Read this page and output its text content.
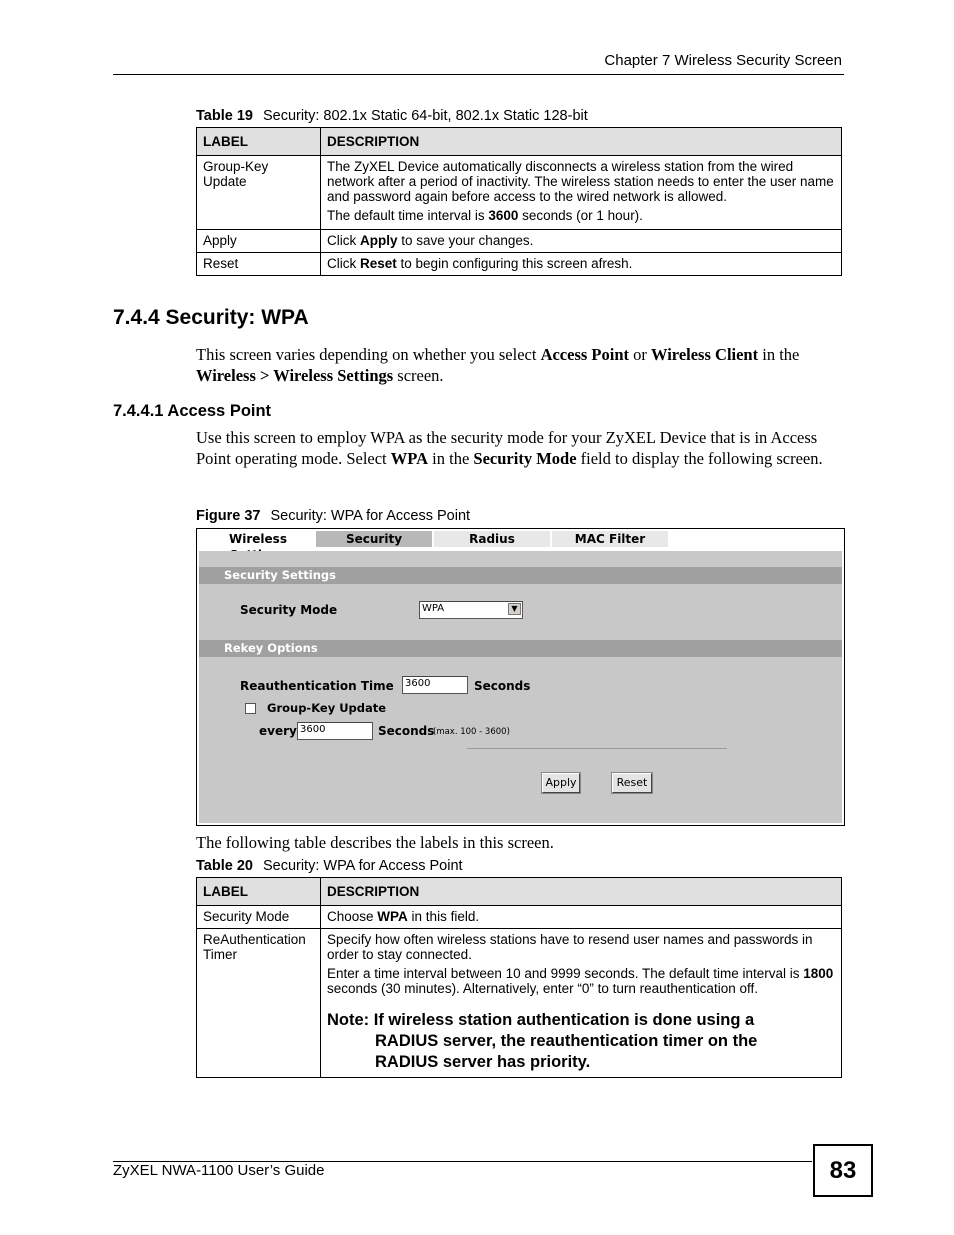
Chapter 7 Wireless Security Screen
Table 19 Security: 802.1x Static 64-bit, 802.1x Static 128-bit
LABEL	DESCRIPTION
Group-Key Update	The ZyXEL Device automatically disconnects a wireless station from the wired network after a period of inactivity. The wireless station needs to enter the user name and password again before access to the wired network is allowed.

The default time interval is 3600 seconds (or 1 hour).

Apply	Click Apply to save your changes.
Reset	Click Reset to begin configuring this screen afresh.
7.4.4 Security: WPA
This screen varies depending on whether you select Access Point or Wireless Client in the
Wireless > Wireless Settings screen.
7.4.4.1 Access Point
Use this screen to employ WPA as the security mode for your ZyXEL Device that is in Access Point operating mode. Select WPA in the Security Mode field to display the following screen.
Figure 37 Security: WPA for Access Point
Wireless	Security	Radius	MAC Filter
Security Settings
Security Mode	WPA	▼
Rekey Options
Reauthentication Time	3600	Seconds
Group-Key Update
every 3600	Seconds
(max. 100 - 3600)
Apply	Reset
The following table describes the labels in this screen.
Table 20 Security: WPA for Access Point
LABEL	DESCRIPTION
Security Mode	Choose WPA in this field.
ReAuthentication Timer	Specify how often wireless stations have to resend user names and passwords in order to stay connected.

Enter a time interval between 10 and 9999 seconds. The default time interval is 1800 seconds (30 minutes). Alternatively, enter “0” to turn reauthentication off.

Note: If wireless station authentication is done using a
RADIUS server, the reauthentication timer on the
RADIUS server has priority.

ZyXEL NWA-1100 User’s Guide	83
